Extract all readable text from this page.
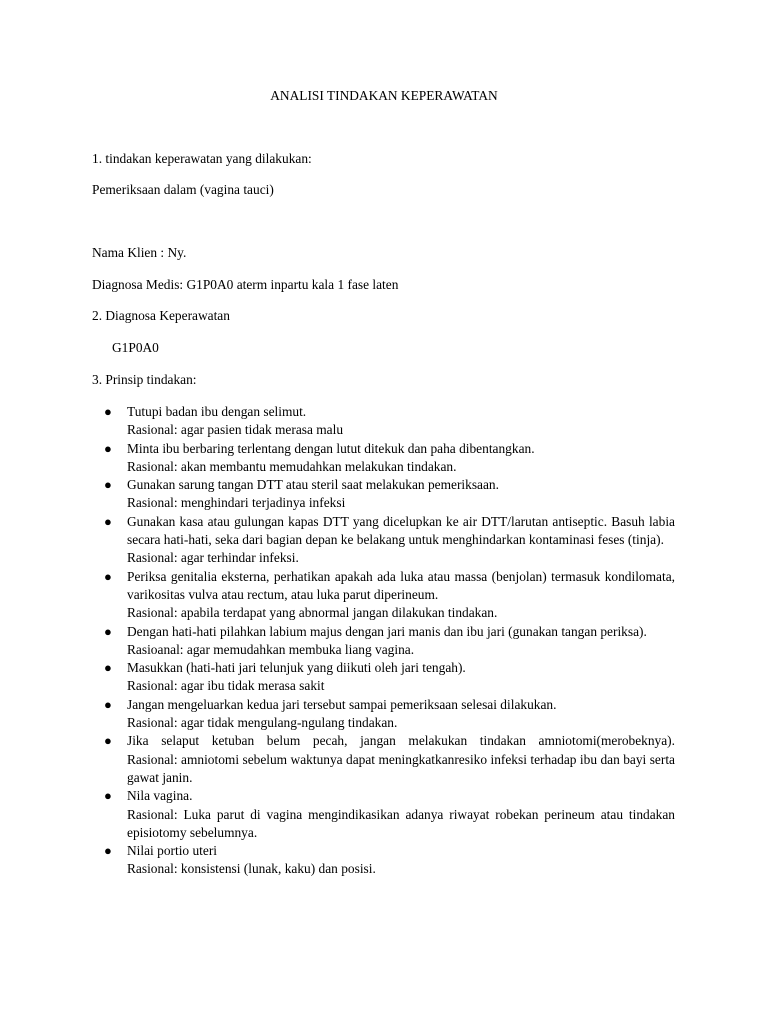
ANALISI TINDAKAN KEPERAWATAN
1. tindakan keperawatan yang dilakukan:
Pemeriksaan dalam (vagina tauci)
Nama Klien : Ny.
Diagnosa Medis: G1P0A0 aterm inpartu kala 1 fase laten
2. Diagnosa Keperawatan
G1P0A0
3. Prinsip tindakan:
● Tutupi badan ibu dengan selimut.
Rasional: agar pasien tidak merasa malu
● Minta ibu berbaring terlentang dengan lutut ditekuk dan paha dibentangkan.
Rasional: akan membantu memudahkan melakukan tindakan.
● Gunakan sarung tangan DTT atau steril saat melakukan pemeriksaan.
Rasional: menghindari terjadinya infeksi
● Gunakan kasa atau gulungan kapas DTT yang dicelupkan ke air DTT/larutan antiseptic. Basuh labia secara hati-hati, seka dari bagian depan ke belakang untuk menghindarkan kontaminasi feses (tinja).
Rasional: agar terhindar infeksi.
● Periksa genitalia eksterna, perhatikan apakah ada luka atau massa (benjolan) termasuk kondilomata, varikositas vulva atau rectum, atau luka parut diperineum.
Rasional: apabila terdapat yang abnormal jangan dilakukan tindakan.
● Dengan hati-hati pilahkan labium majus dengan jari manis dan ibu jari (gunakan tangan periksa).
Rasioanal: agar memudahkan membuka liang vagina.
● Masukkan (hati-hati jari telunjuk yang diikuti oleh jari tengah).
Rasional: agar ibu tidak merasa sakit
● Jangan mengeluarkan kedua jari tersebut sampai pemeriksaan selesai dilakukan.
Rasional: agar tidak mengulang-ngulang tindakan.
● Jika selaput ketuban belum pecah, jangan melakukan tindakan amniotomi(merobeknya).
Rasional: amniotomi sebelum waktunya dapat meningkatkanresiko infeksi terhadap ibu dan bayi serta gawat janin.
● Nila vagina.
Rasional: Luka parut di vagina mengindikasikan adanya riwayat robekan perineum atau tindakan episiotomy sebelumnya.
● Nilai portio uteri
Rasional: konsistensi (lunak, kaku) dan posisi.
